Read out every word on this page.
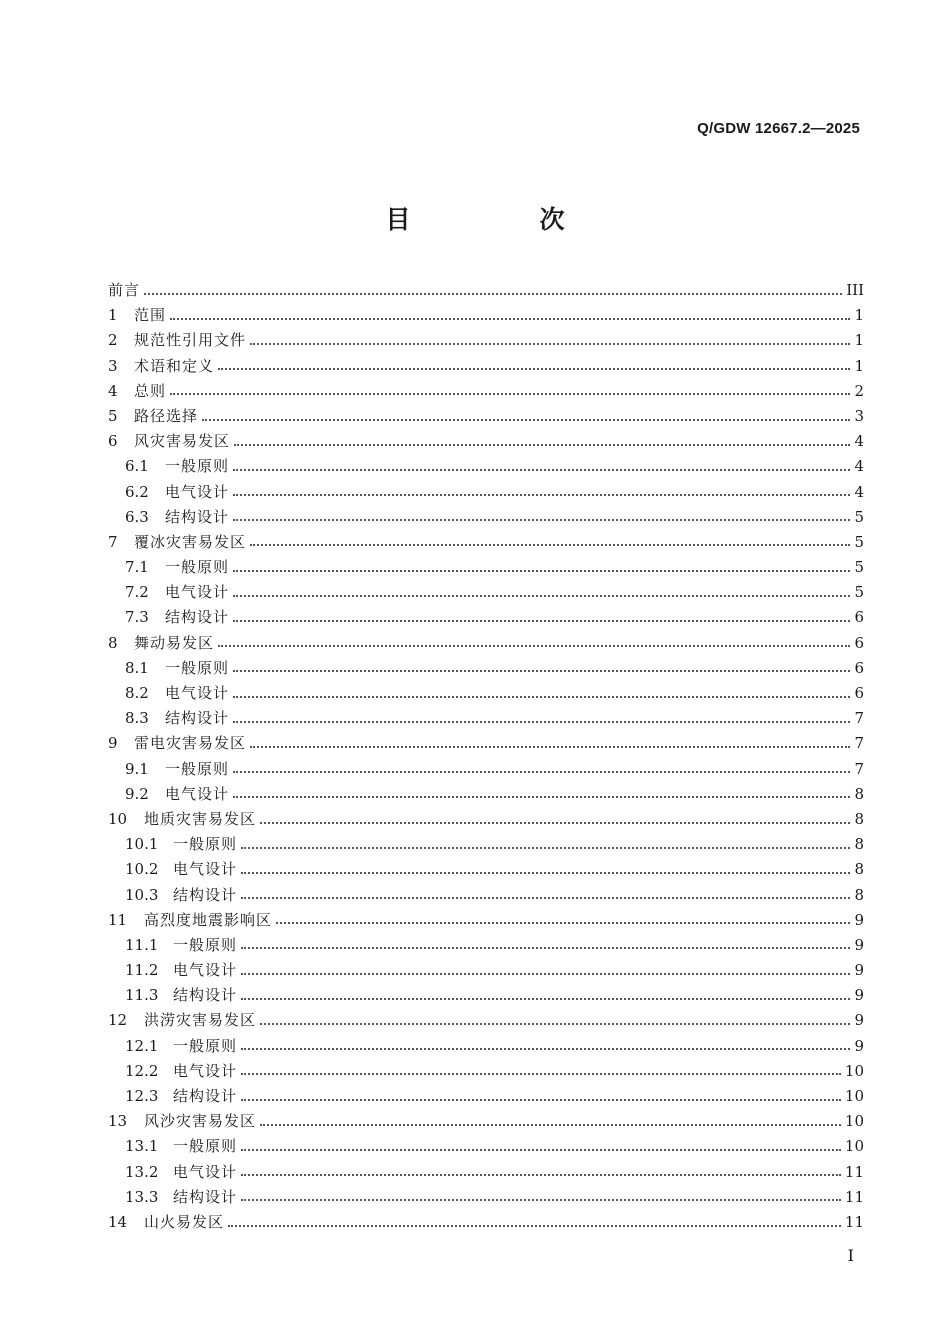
Q/GDW 12667.2—2025
目　次
前言	III
1	范围	1
2	规范性引用文件	1
3	术语和定义	1
4	总则	2
5	路径选择	3
6	风灾害易发区	4
6.1	一般原则	4
6.2	电气设计	4
6.3	结构设计	5
7	覆冰灾害易发区	5
7.1	一般原则	5
7.2	电气设计	5
7.3	结构设计	6
8	舞动易发区	6
8.1	一般原则	6
8.2	电气设计	6
8.3	结构设计	7
9	雷电灾害易发区	7
9.1	一般原则	7
9.2	电气设计	8
10	地质灾害易发区	8
10.1 一般原则	8
10.2 电气设计	8
10.3 结构设计	8
11	高烈度地震影响区	9
11.1 一般原则	9
11.2 电气设计	9
11.3 结构设计	9
12	洪涝灾害易发区	9
12.1 一般原则	9
12.2 电气设计	10
12.3 结构设计	10
13	风沙灾害易发区	10
13.1 一般原则	10
13.2 电气设计	11
13.3 结构设计	11
14	山火易发区	11
I
